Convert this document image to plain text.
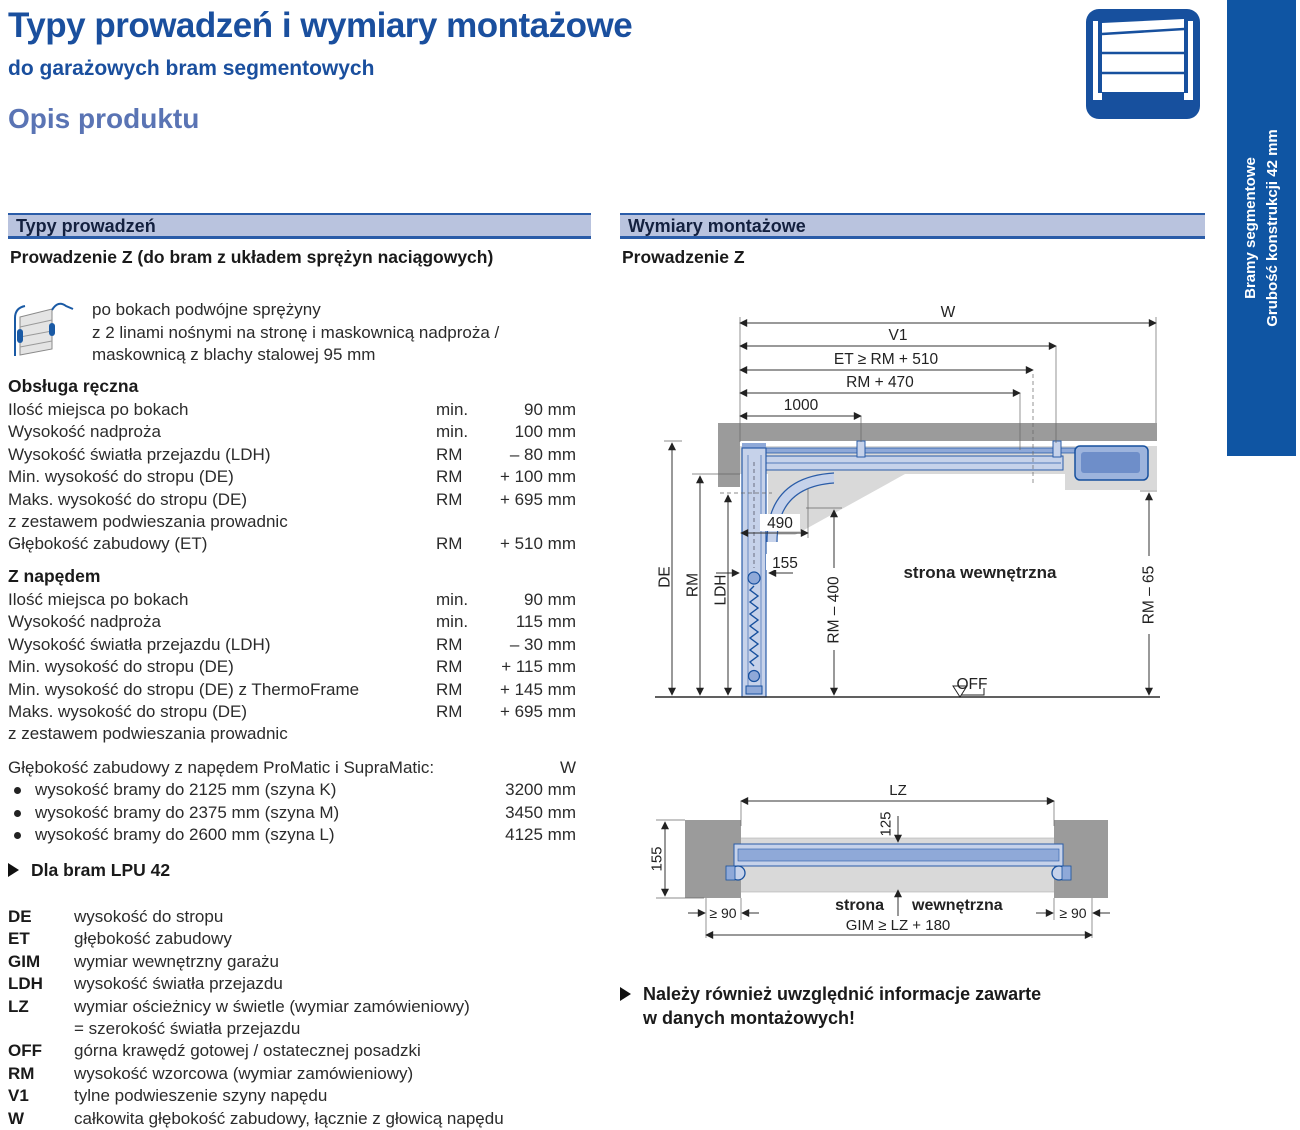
Typy prowadzeń i wymiary montażowe
do garażowych bram segmentowych
Opis produktu
Bramy segmentowe Grubość konstrukcji 42 mm
Typy prowadzeń	Wymiary montażowe
Prowadzenie Z (do bram z układem sprężyn naciągowych)	Prowadzenie Z
po bokach podwójne sprężyny
z 2 linami nośnymi na stronę i maskownicą nadproża /
maskownicą z blachy stalowej 95 mm
Obsługa ręczna
Ilość miejsca po bokach	min.	90 mm
Wysokość nadproża	min.	100 mm
Wysokość światła przejazdu (LDH)	RM	– 80 mm
Min. wysokość do stropu (DE)	RM	+ 100 mm
Maks. wysokość do stropu (DE)	RM	+ 695 mm
z zestawem podwieszania prowadnic
Głębokość zabudowy (ET)	RM	+ 510 mm
Z napędem
Ilość miejsca po bokach	min.	90 mm
Wysokość nadproża	min.	115 mm
Wysokość światła przejazdu (LDH)	RM	– 30 mm
Min. wysokość do stropu (DE)	RM	+ 115 mm
Min. wysokość do stropu (DE) z ThermoFrame	RM	+ 145 mm
Maks. wysokość do stropu (DE)	RM	+ 695 mm
z zestawem podwieszania prowadnic
Głębokość zabudowy z napędem ProMatic i SupraMatic:	W
wysokość bramy do 2125 mm (szyna K)	3200 mm
wysokość bramy do 2375 mm (szyna M)	3450 mm
wysokość bramy do 2600 mm (szyna L)	4125 mm
Dla bram LPU 42
DE	wysokość do stropu
ET	głębokość zabudowy
GIM	wymiar wewnętrzny garażu
LDH	wysokość światła przejazdu
LZ	wymiar ościeżnicy w świetle (wymiar zamówieniowy)
= szerokość światła przejazdu
OFF	górna krawędź gotowej / ostatecznej posadzki
RM	wysokość wzorcowa (wymiar zamówieniowy)
V1	tylne podwieszenie szyny napędu
W	całkowita głębokość zabudowy, łącznie z głowicą napędu
W
V1
ET ≥ RM + 510
RM + 470
1000
490
155
RM – 400	RM – 65
DE RM LDH
OFF
strona wewnętrzna
LZ
125
155
≥ 90	≥ 90
GIM ≥ LZ + 180
strona wewnętrzna
Należy również uwzględnić informacje zawarte
w danych montażowych!
